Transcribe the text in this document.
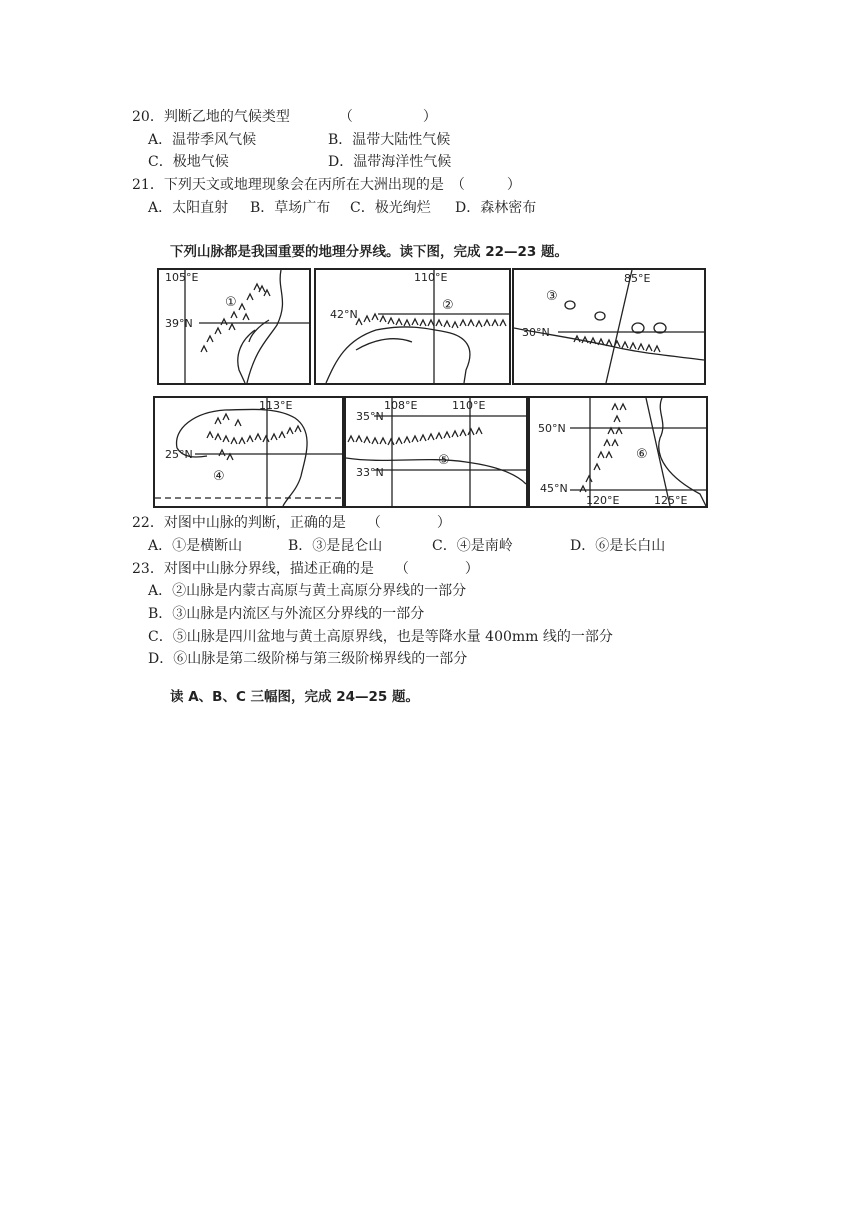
20．判断乙地的气候类型　　　　（　　　　　）
A．温带季风气候	B．温带大陆性气候
C．极地气候	D．温带海洋性气候
21．下列天文或地理现象会在丙所在大洲出现的是　（　　　）
A．太阳直射 B．草场广布 C．极光绚烂 D．森林密布
下列山脉都是我国重要的地理分界线。读下图，完成 22—23 题。
105°E
39°N
①
110°E
42°N
②
85°E
30°N
③
113°E
25°N
④
35°N
33°N
108°E	110°E
⑤
50°N
45°N
120°E	125°E
⑥
22．对图中山脉的判断，正确的是　　（　　　　）
A．①是横断山	B．③是昆仑山	C．④是南岭	D．⑥是长白山
23．对图中山脉分界线，描述正确的是　　（　　　　）
A．②山脉是内蒙古高原与黄土高原分界线的一部分
B．③山脉是内流区与外流区分界线的一部分
C．⑤山脉是四川盆地与黄土高原界线，也是等降水量 400mm 线的一部分
D．⑥山脉是第二级阶梯与第三级阶梯界线的一部分
读 A、B、C 三幅图，完成 24—25 题。
